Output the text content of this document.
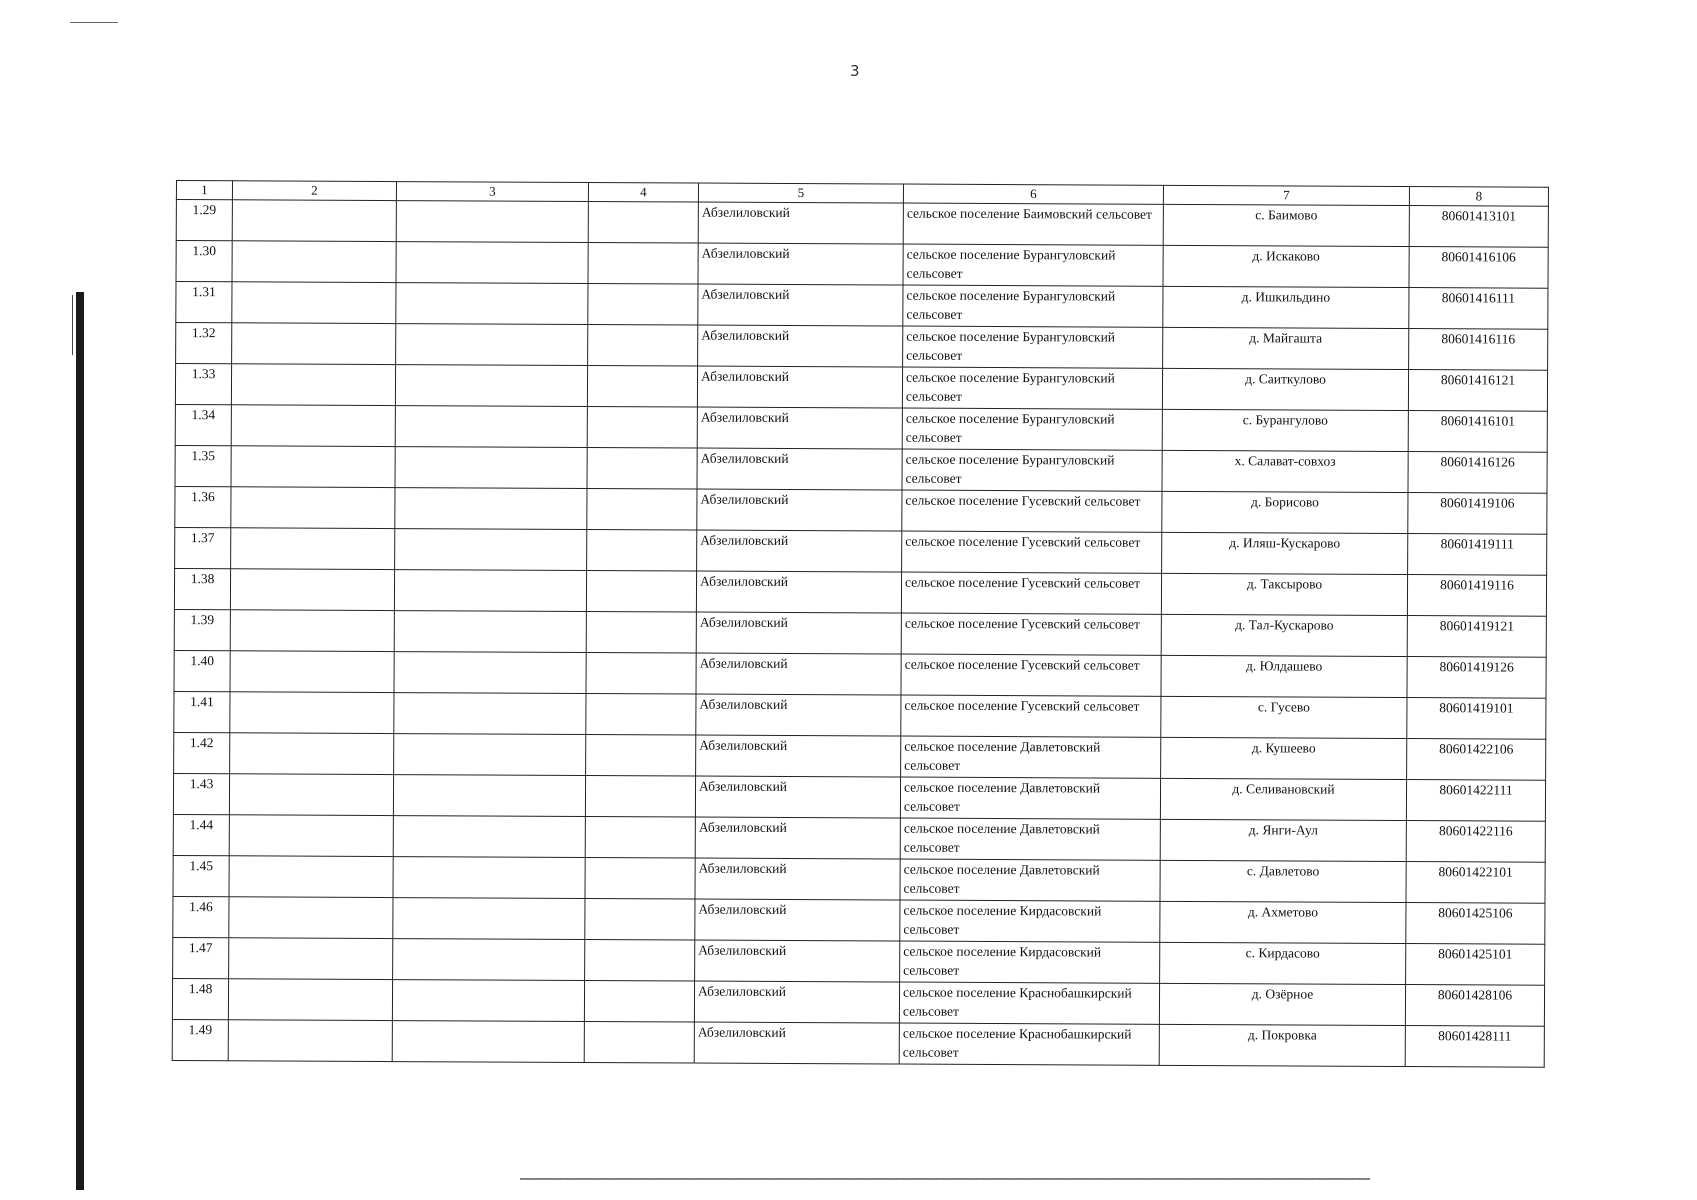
3
1	2	3	4	5	6	7	8
1.29				Абзелиловский	сельское поселение Баимовский сельсовет	с. Баимово	80601413101
1.30				Абзелиловский	сельское поселение Бурангуловский сельсовет	д. Искаково	80601416106
1.31				Абзелиловский	сельское поселение Бурангуловский сельсовет	д. Ишкильдино	80601416111
1.32				Абзелиловский	сельское поселение Бурангуловский сельсовет	д. Майгашта	80601416116
1.33				Абзелиловский	сельское поселение Бурангуловский сельсовет	д. Саиткулово	80601416121
1.34				Абзелиловский	сельское поселение Бурангуловский сельсовет	с. Бурангулово	80601416101
1.35				Абзелиловский	сельское поселение Бурангуловский сельсовет	х. Салават-совхоз	80601416126
1.36				Абзелиловский	сельское поселение Гусевский сельсовет	д. Борисово	80601419106
1.37				Абзелиловский	сельское поселение Гусевский сельсовет	д. Иляш-Кускарово	80601419111
1.38				Абзелиловский	сельское поселение Гусевский сельсовет	д. Таксырово	80601419116
1.39				Абзелиловский	сельское поселение Гусевский сельсовет	д. Тал-Кускарово	80601419121
1.40				Абзелиловский	сельское поселение Гусевский сельсовет	д. Юлдашево	80601419126
1.41				Абзелиловский	сельское поселение Гусевский сельсовет	с. Гусево	80601419101
1.42				Абзелиловский	сельское поселение Давлетовский сельсовет	д. Кушеево	80601422106
1.43				Абзелиловский	сельское поселение Давлетовский сельсовет	д. Селивановский	80601422111
1.44				Абзелиловский	сельское поселение Давлетовский сельсовет	д. Янги-Аул	80601422116
1.45				Абзелиловский	сельское поселение Давлетовский сельсовет	с. Давлетово	80601422101
1.46				Абзелиловский	сельское поселение Кирдасовский сельсовет	д. Ахметово	80601425106
1.47				Абзелиловский	сельское поселение Кирдасовский сельсовет	с. Кирдасово	80601425101
1.48				Абзелиловский	сельское поселение Краснобашкирский сельсовет	д. Озёрное	80601428106
1.49				Абзелиловский	сельское поселение Краснобашкирский сельсовет	д. Покровка	80601428111
